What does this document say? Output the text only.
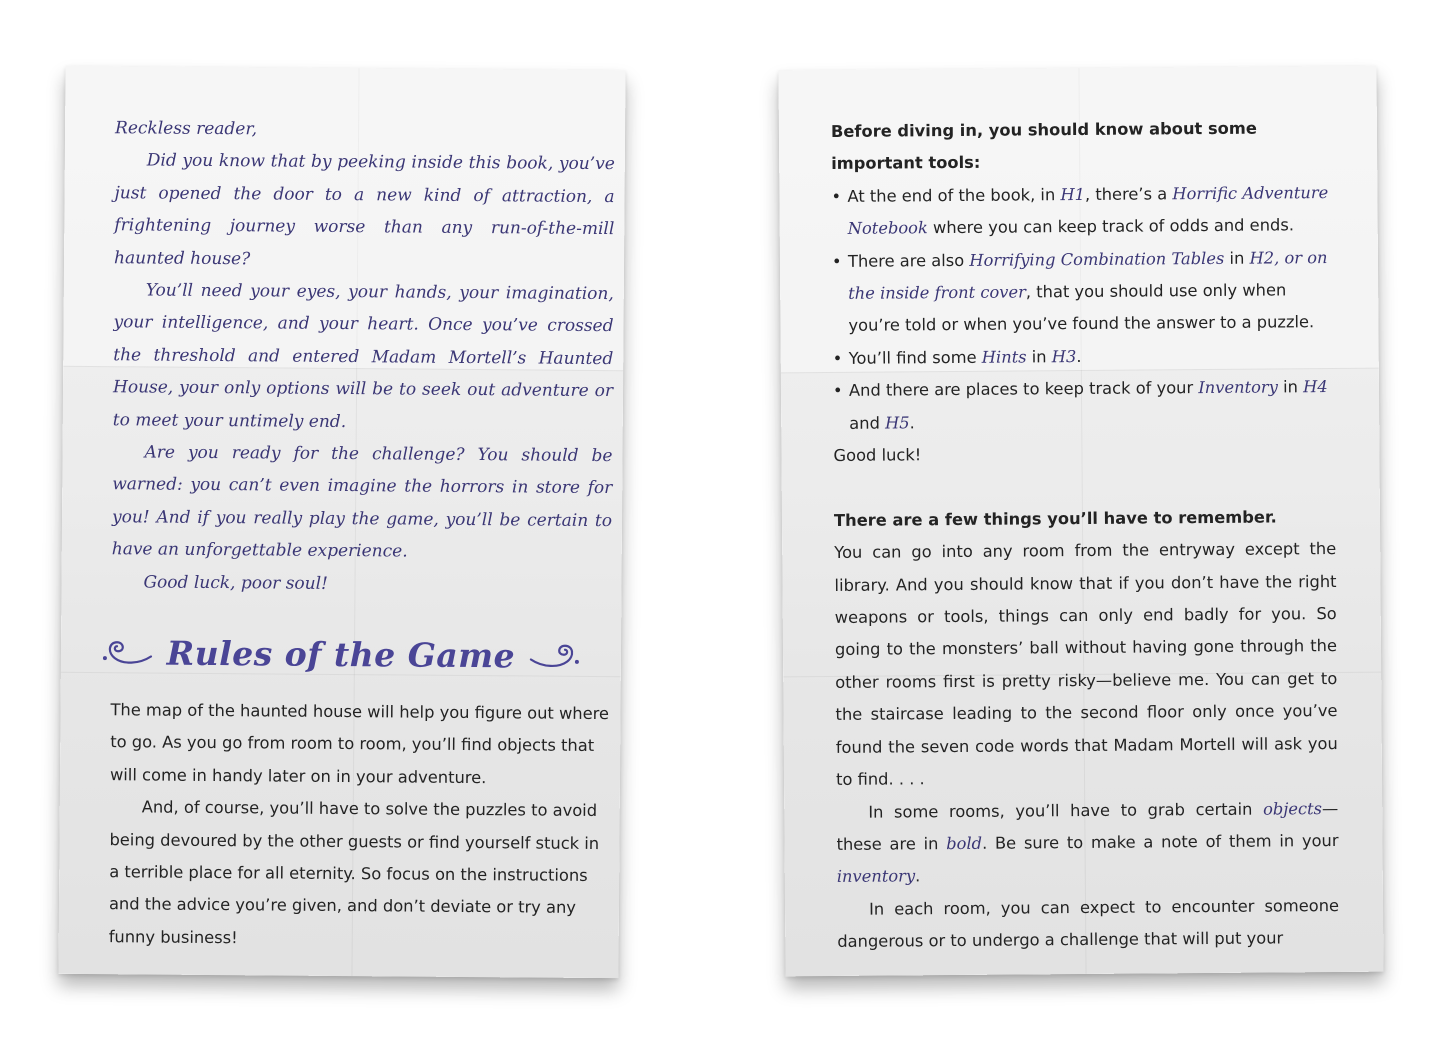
Reckless reader,

Did you know that by peeking inside this book, you’ve just opened the door to a new kind of attraction, a frightening journey worse than any run-of-the-mill haunted house?

You’ll need your eyes, your hands, your imagination, your intelligence, and your heart. Once you’ve crossed the threshold and entered Madam Mortell’s Haunted House, your only options will be to seek out adventure or to meet your untimely end.

Are you ready for the challenge? You should be warned: you can’t even imagine the horrors in store for you! And if you really play the game, you’ll be certain to have an unforgettable experience.

Good luck, poor soul!

Rules of the Game

The map of the haunted house will help you figure out where to go. As you go from room to room, you’ll find objects that will come in handy later on in your adventure.

And, of course, you’ll have to solve the puzzles to avoid being devoured by the other guests or find yourself stuck in a terrible place for all eternity. So focus on the instructions and the advice you’re given, and don’t deviate or try any funny business!

Before diving in, you should know about some important tools:

• At the end of the book, in H1, there’s a Horrific Adventure Notebook where you can keep track of odds and ends.
• There are also Horrifying Combination Tables in H2, or on the inside front cover, that you should use only when you’re told or when you’ve found the answer to a puzzle.
• You’ll find some Hints in H3.
• And there are places to keep track of your Inventory in H4 and H5.

Good luck!

There are a few things you’ll have to remember.

You can go into any room from the entryway except the library. And you should know that if you don’t have the right weapons or tools, things can only end badly for you. So going to the monsters’ ball without having gone through the other rooms first is pretty risky—believe me. You can get to the staircase leading to the second floor only once you’ve found the seven code words that Madam Mortell will ask you to find. . . .

In some rooms, you’ll have to grab certain objects—these are in bold. Be sure to make a note of them in your inventory.

In each room, you can expect to encounter someone dangerous or to undergo a challenge that will put your
